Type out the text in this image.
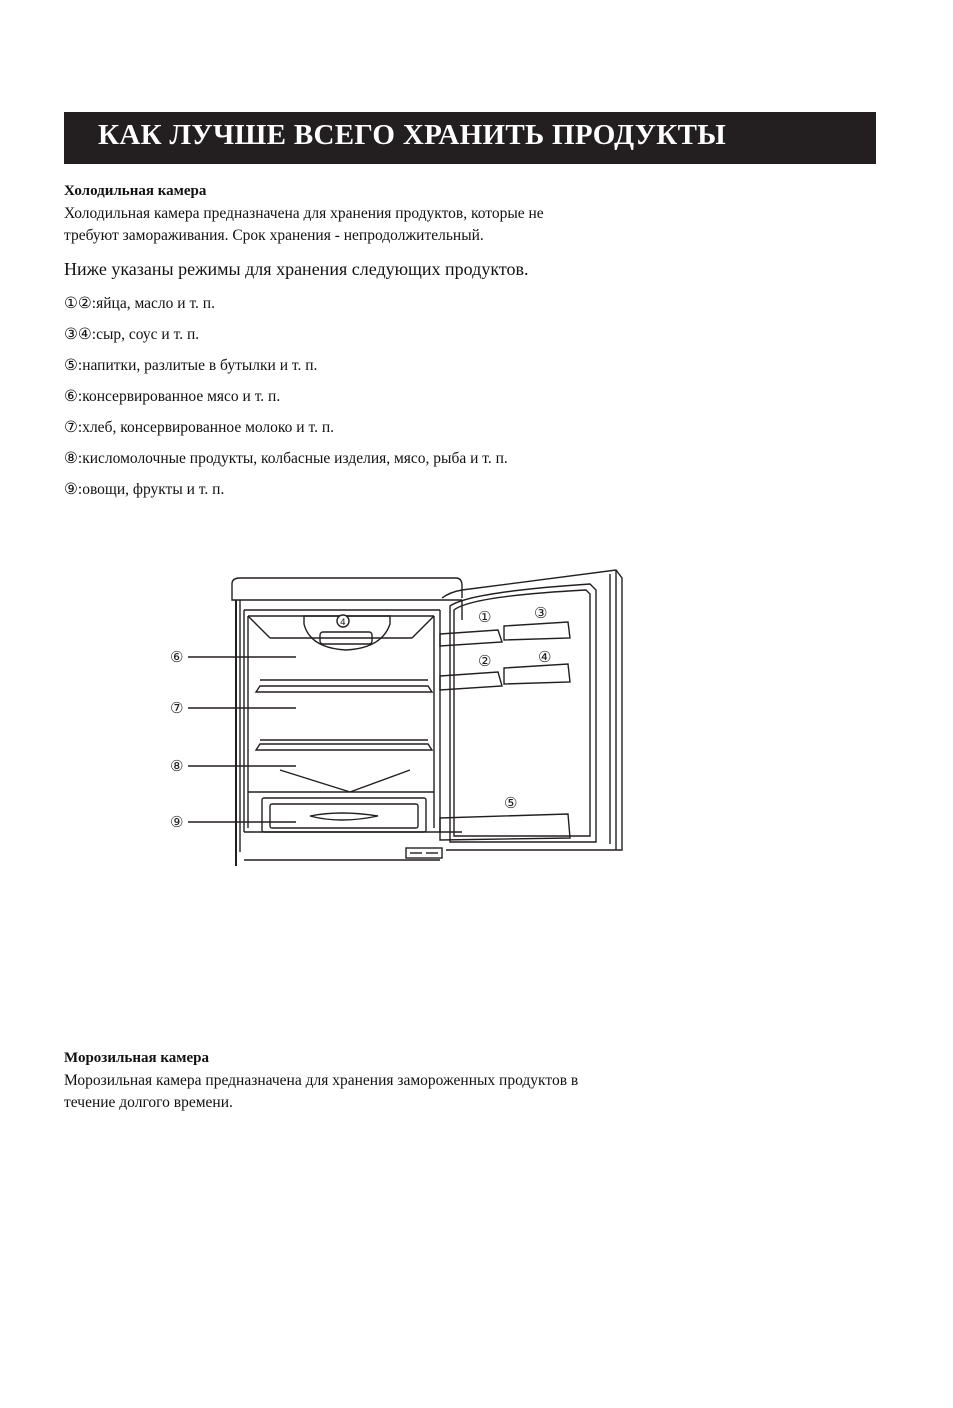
КАК ЛУЧШЕ ВСЕГО ХРАНИТЬ ПРОДУКТЫ
Холодильная камера
Холодильная камера предназначена для хранения продуктов, которые не
требуют замораживания. Срок хранения - непродолжительный.
Ниже указаны режимы для хранения следующих продуктов.
①②:яйца, масло и т. п.
③④:сыр, соус и т. п.
⑤:напитки, разлитые в бутылки и т. п.
⑥:консервированное мясо и т. п.
⑦:хлеб, консервированное молоко и т. п.
⑧:кисломолочные продукты, колбасные изделия, мясо, рыба и т. п.
⑨:овощи, фрукты и т. п.
4	①
②
③
④
⑤
⑥
⑦
⑧
⑨
Морозильная камера
Морозильная камера предназначена для хранения замороженных продуктов в
течение долгого времени.
